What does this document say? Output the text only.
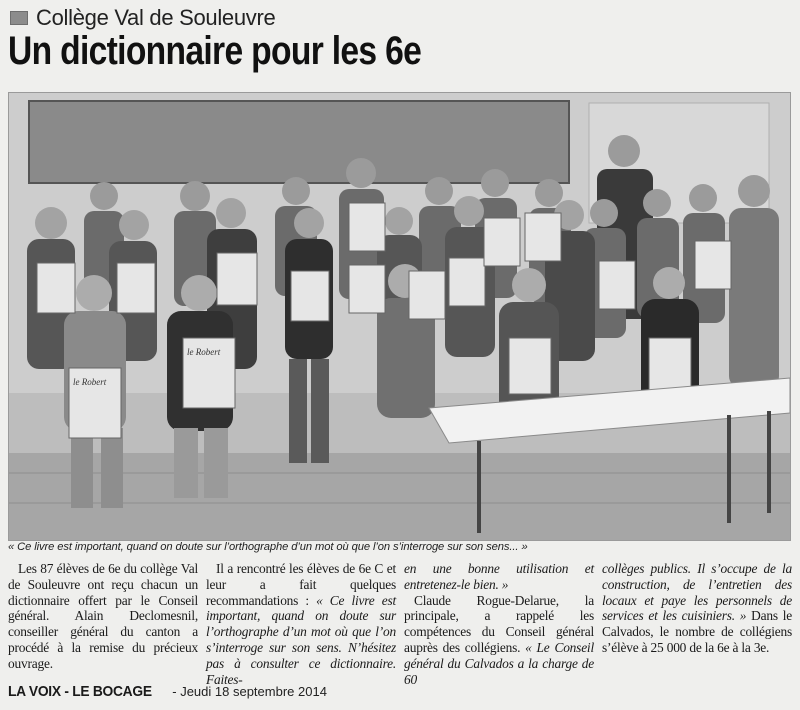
Collège Val de Souleuvre
Un dictionnaire pour les 6e
le Robert
le Robert
« Ce livre est important, quand on doute sur l’orthographe d’un mot où que l’on s’interroge sur son sens... »

Les 87 élèves de 6e du collège Val de Souleuvre ont reçu chacun un dictionnaire offert par le Conseil général. Alain Declomesnil, conseiller général du canton a procédé à la remise du précieux ouvrage.

Il a rencontré les élèves de 6e C et leur a fait quelques recommandations : « Ce livre est important, quand on doute sur l’orthographe d’un mot où que l’on s’interroge sur son sens. N’hésitez pas à consulter ce dictionnaire. Faites-

en une bonne utilisation et entretenez-le bien. »

Claude Rogue-Delarue, la principale, a rappelé les compétences du Conseil général auprès des collégiens. « Le Conseil général du Calvados a la charge de 60

collèges publics. Il s’occupe de la construction, de l’entretien des locaux et paye les personnels de services et les cuisiniers. » Dans le Calvados, le nombre de collégiens s’élève à 25 000 de la 6e à la 3e.

LA VOIX - LE BOCAGE - Jeudi 18 septembre 2014
